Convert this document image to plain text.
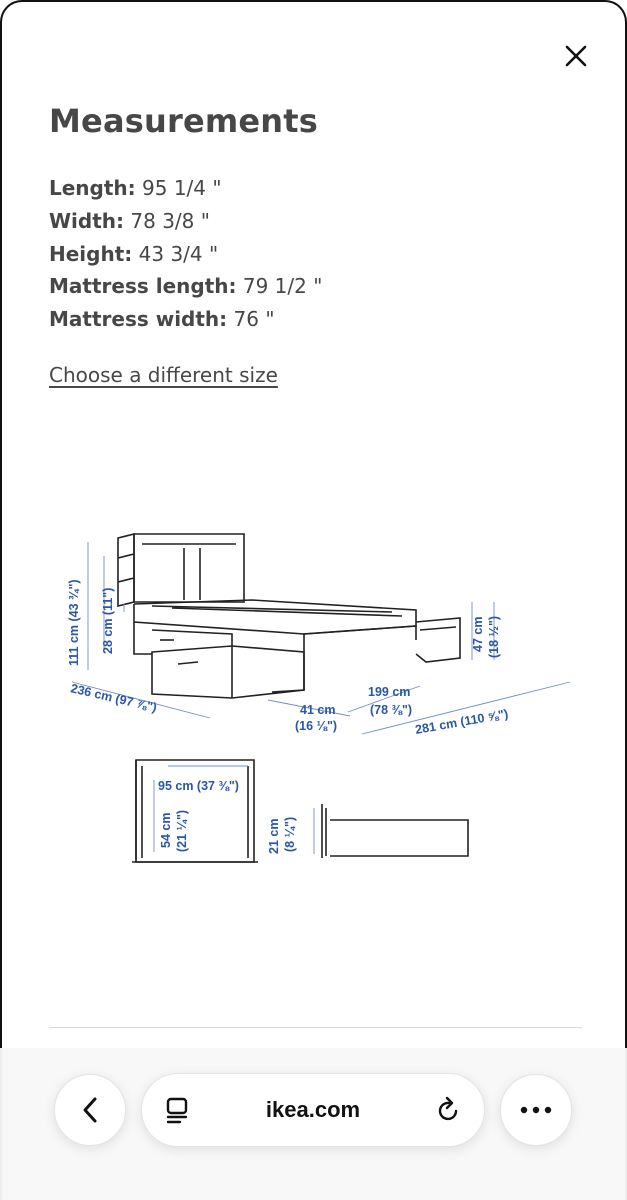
Measurements
Length: 95 1/4 "
Width: 78 3/8 "
Height: 43 3/4 "
Mattress length: 79 1/2 "
Mattress width: 76 "
Choose a different size
111 cm (43 ¾") 28 cm (11")	47 cm (18 ½")
236 cm (97 ⅞")	41 cm
(16 ⅛")
199 cm
(78 ⅜") 281 cm (110 ⅝")
95 cm (37 ⅜")
54 cm (21 ¼")	21 cm (8 ¼")
ikea.com
